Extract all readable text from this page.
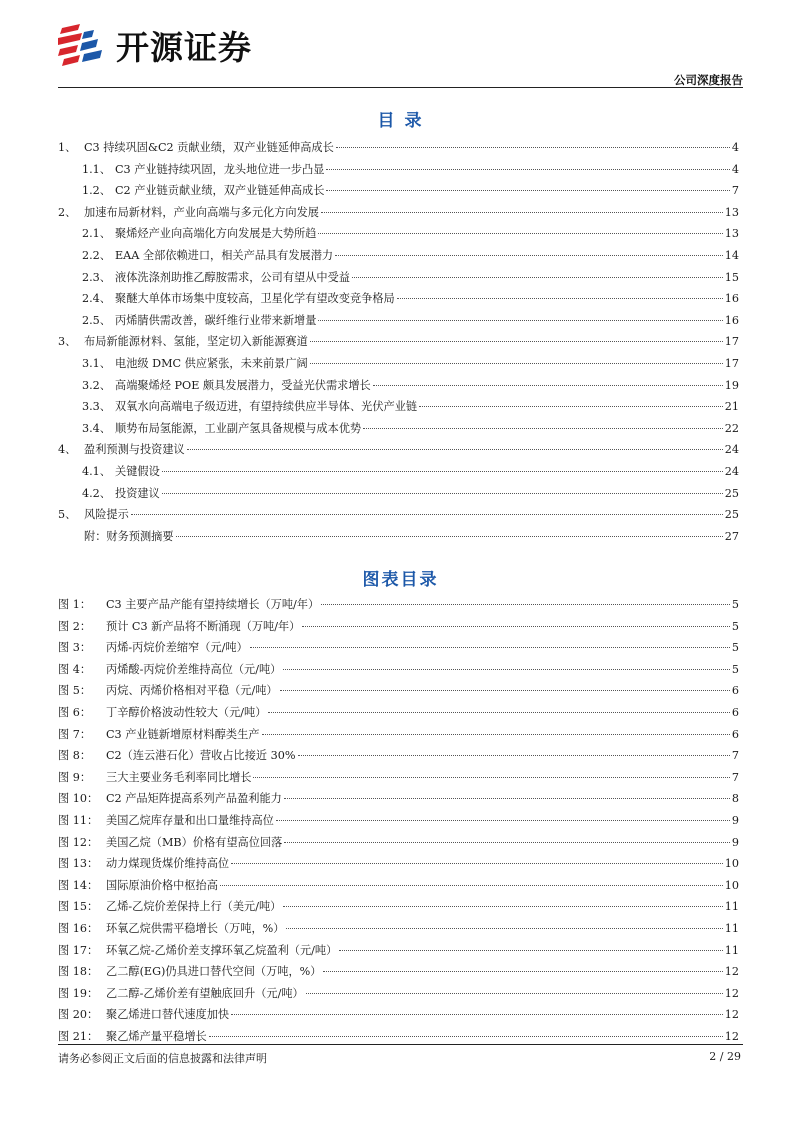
开源证券
公司深度报告
目 录
1、 C3 持续巩固&C2 贡献业绩，双产业链延伸高成长	4
1.1、 C3 产业链持续巩固，龙头地位进一步凸显	4
1.2、 C2 产业链贡献业绩，双产业链延伸高成长	7
2、 加速布局新材料，产业向高端与多元化方向发展	13
2.1、 聚烯烃产业向高端化方向发展是大势所趋	13
2.2、 EAA 全部依赖进口，相关产品具有发展潜力	14
2.3、 液体洗涤剂助推乙醇胺需求，公司有望从中受益	15
2.4、 聚醚大单体市场集中度较高，卫星化学有望改变竞争格局	16
2.5、 丙烯腈供需改善，碳纤维行业带来新增量	16
3、 布局新能源材料、氢能，坚定切入新能源赛道	17
3.1、 电池级 DMC 供应紧张，未来前景广阔	17
3.2、 高端聚烯烃 POE 颇具发展潜力，受益光伏需求增长	19
3.3、 双氧水向高端电子级迈进，有望持续供应半导体、光伏产业链	21
3.4、 顺势布局氢能源，工业副产氢具备规模与成本优势	22
4、 盈利预测与投资建议	24
4.1、 关键假设	24
4.2、 投资建议	25
5、 风险提示	25
附：财务预测摘要	27
图表目录
图 1：	C3 主要产品产能有望持续增长（万吨/年）	5
图 2：	预计 C3 新产品将不断涌现（万吨/年）	5
图 3：	丙烯-丙烷价差缩窄（元/吨）	5
图 4：	丙烯酸-丙烷价差维持高位（元/吨）	5
图 5：	丙烷、丙烯价格相对平稳（元/吨）	6
图 6：	丁辛醇价格波动性较大（元/吨）	6
图 7：	C3 产业链新增原材料醇类生产	6
图 8：	C2（连云港石化）营收占比接近 30%	7
图 9：	三大主要业务毛利率同比增长	7
图 10： C2 产品矩阵提高系列产品盈利能力	8
图 11： 美国乙烷库存量和出口量维持高位	9
图 12： 美国乙烷（MB）价格有望高位回落	9
图 13： 动力煤现货煤价维持高位	10
图 14： 国际原油价格中枢抬高	10
图 15： 乙烯-乙烷价差保持上行（美元/吨）	11
图 16： 环氧乙烷供需平稳增长（万吨，%）	11
图 17： 环氧乙烷-乙烯价差支撑环氧乙烷盈利（元/吨）	11
图 18： 乙二醇(EG)仍具进口替代空间（万吨，%）	12
图 19： 乙二醇-乙烯价差有望触底回升（元/吨）	12
图 20： 聚乙烯进口替代速度加快	12
图 21： 聚乙烯产量平稳增长	12
请务必参阅正文后面的信息披露和法律声明	2 / 29
